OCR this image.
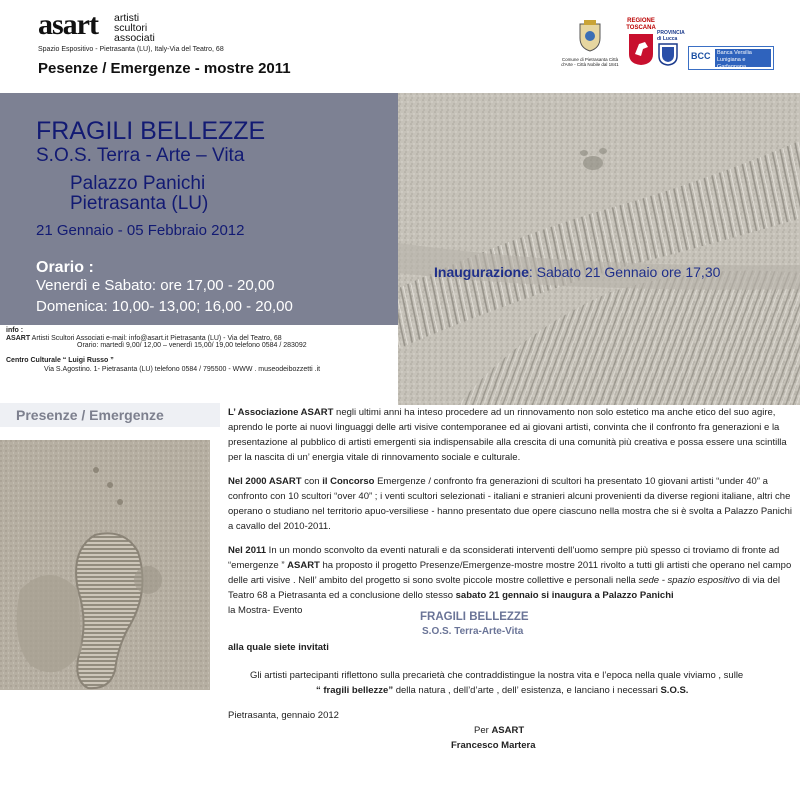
asart artisti
scultori
associati
Spazio Espositivo - Pietrasanta (LU), Italy-Via del Teatro, 68
Pesenze / Emergenze - mostre 2011
Comune di Pietrasanta Città d'Arte - Città Nobile dal 1841
REGIONE TOSCANA
PROVINCIA di Lucca
BCC	Banca Versilia Lunigiana e Garfagnana
FRAGILI BELLEZZE
S.O.S. Terra - Arte – Vita
Palazzo Panichi
Pietrasanta (LU)
21 Gennaio - 05 Febbraio 2012
Orario :
Venerdì e Sabato: ore 17,00 - 20,00
Domenica: 10,00- 13,00; 16,00 - 20,00
Inaugurazione: Sabato 21 Gennaio ore 17,30
info :
ASART Artisti Scultori Associati e-mail: info@asart.it Pietrasanta (LU) - Via del Teatro, 68
Orario: martedì 9,00/ 12,00 – venerdì 15,00/ 19,00 telefono 0584 / 283092
Centro Culturale “ Luigi Russo ”
Via S.Agostino. 1- Pietrasanta (LU) telefono 0584 / 795500 - WWW . museodeibozzetti .it
Presenze / Emergenze	L’ Associazione ASART negli ultimi anni ha inteso procedere ad un rinnovamento non solo estetico ma anche etico del suo agire, aprendo le porte ai nuovi linguaggi delle arti visive contemporanee ed ai giovani artisti, convinta che il confronto fra generazioni e la presentazione al pubblico di artisti emergenti sia indispensabile alla crescita di una comunità più creativa e possa essere una scintilla per la nascita di un’ energia vitale di rinnovamento sociale e culturale.

Nel 2000 ASART con il Concorso Emergenze / confronto fra generazioni di scultori ha presentato 10 giovani artisti “under 40” a confronto con 10 scultori “over 40” ; i venti scultori selezionati - italiani e stranieri alcuni provenienti da diverse regioni italiane, altri che operano o studiano nel territorio apuo-versiliese - hanno presentato due opere ciascuno nella mostra che si è svolta a Palazzo Panichi a cavallo del 2010-2011.

Nel 2011 In un mondo sconvolto da eventi naturali e da sconsiderati interventi dell’uomo sempre più spesso ci troviamo di fronte ad “emergenze ” ASART ha proposto il progetto Presenze/Emergenze-mostre mostre 2011 rivolto a tutti gli artisti che operano nel campo delle arti visive . Nell’ ambito del progetto si sono svolte piccole mostre collettive e personali nella sede - spazio espositivo di via del Teatro 68 a Pietrasanta ed a conclusione dello stesso sabato 21 gennaio si inaugura a Palazzo Panichi
la Mostra- Evento

FRAGILI BELLEZZE
S.O.S. Terra-Arte-Vita
alla quale siete invitati
Gli artisti partecipanti riflettono sulla precarietà che contraddistingue la nostra vita e l’epoca nella quale viviamo , sulle
“ fragili bellezze” della natura , dell’d’arte , dell’ esistenza, e lanciano i necessari S.O.S.
Pietrasanta, gennaio 2012
Per ASART
Francesco Martera
